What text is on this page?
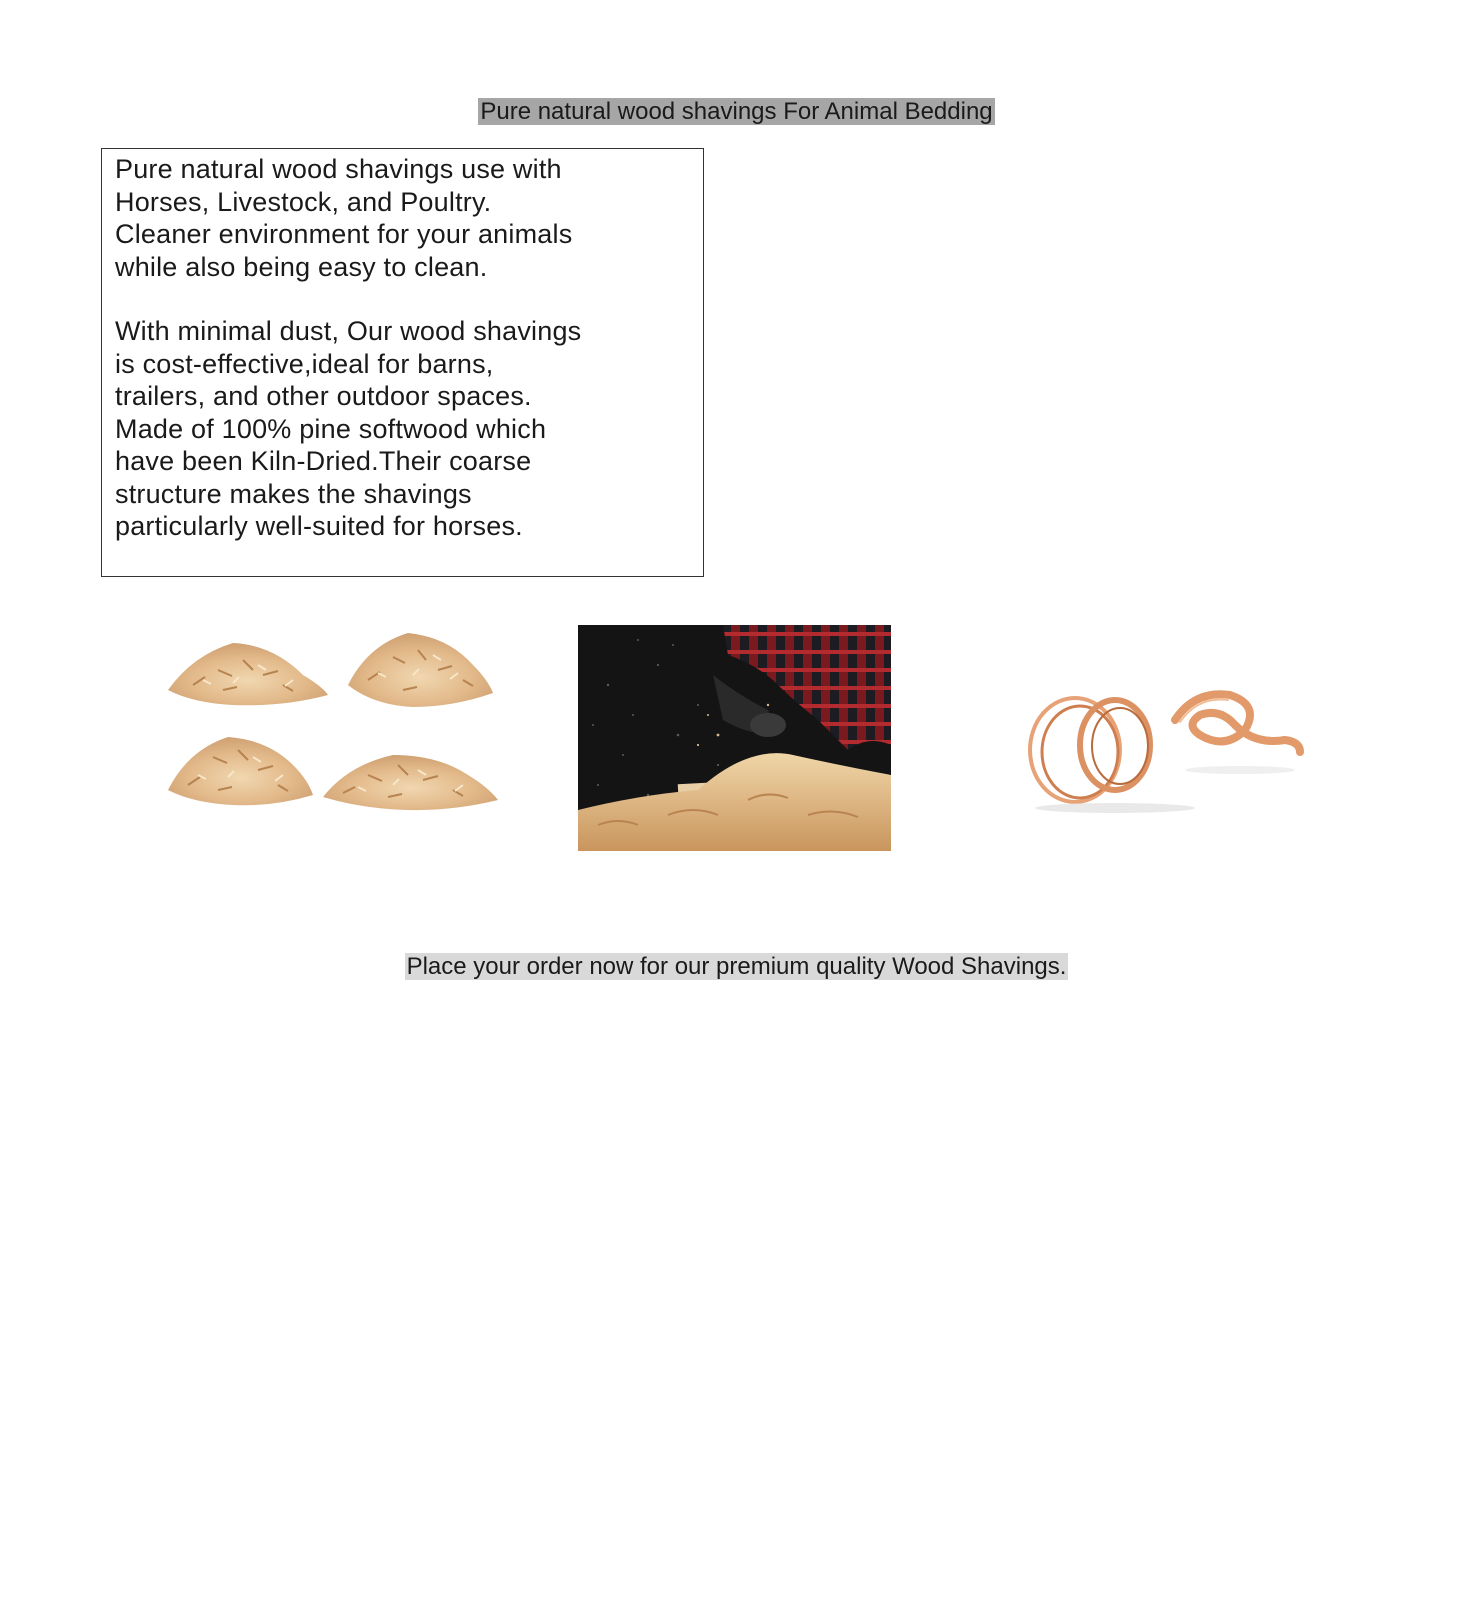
Pure natural wood shavings For Animal Bedding

Pure natural wood shavings use with
Horses, Livestock, and Poultry.
Cleaner environment for your animals
while also being easy to clean.

With minimal dust, Our wood shavings
is cost-effective,ideal for barns,
trailers, and other outdoor spaces.
Made of 100% pine softwood which
have been Kiln-Dried.Their coarse
structure makes the shavings
particularly well-suited for horses.

Place your order now for our premium quality Wood Shavings.
